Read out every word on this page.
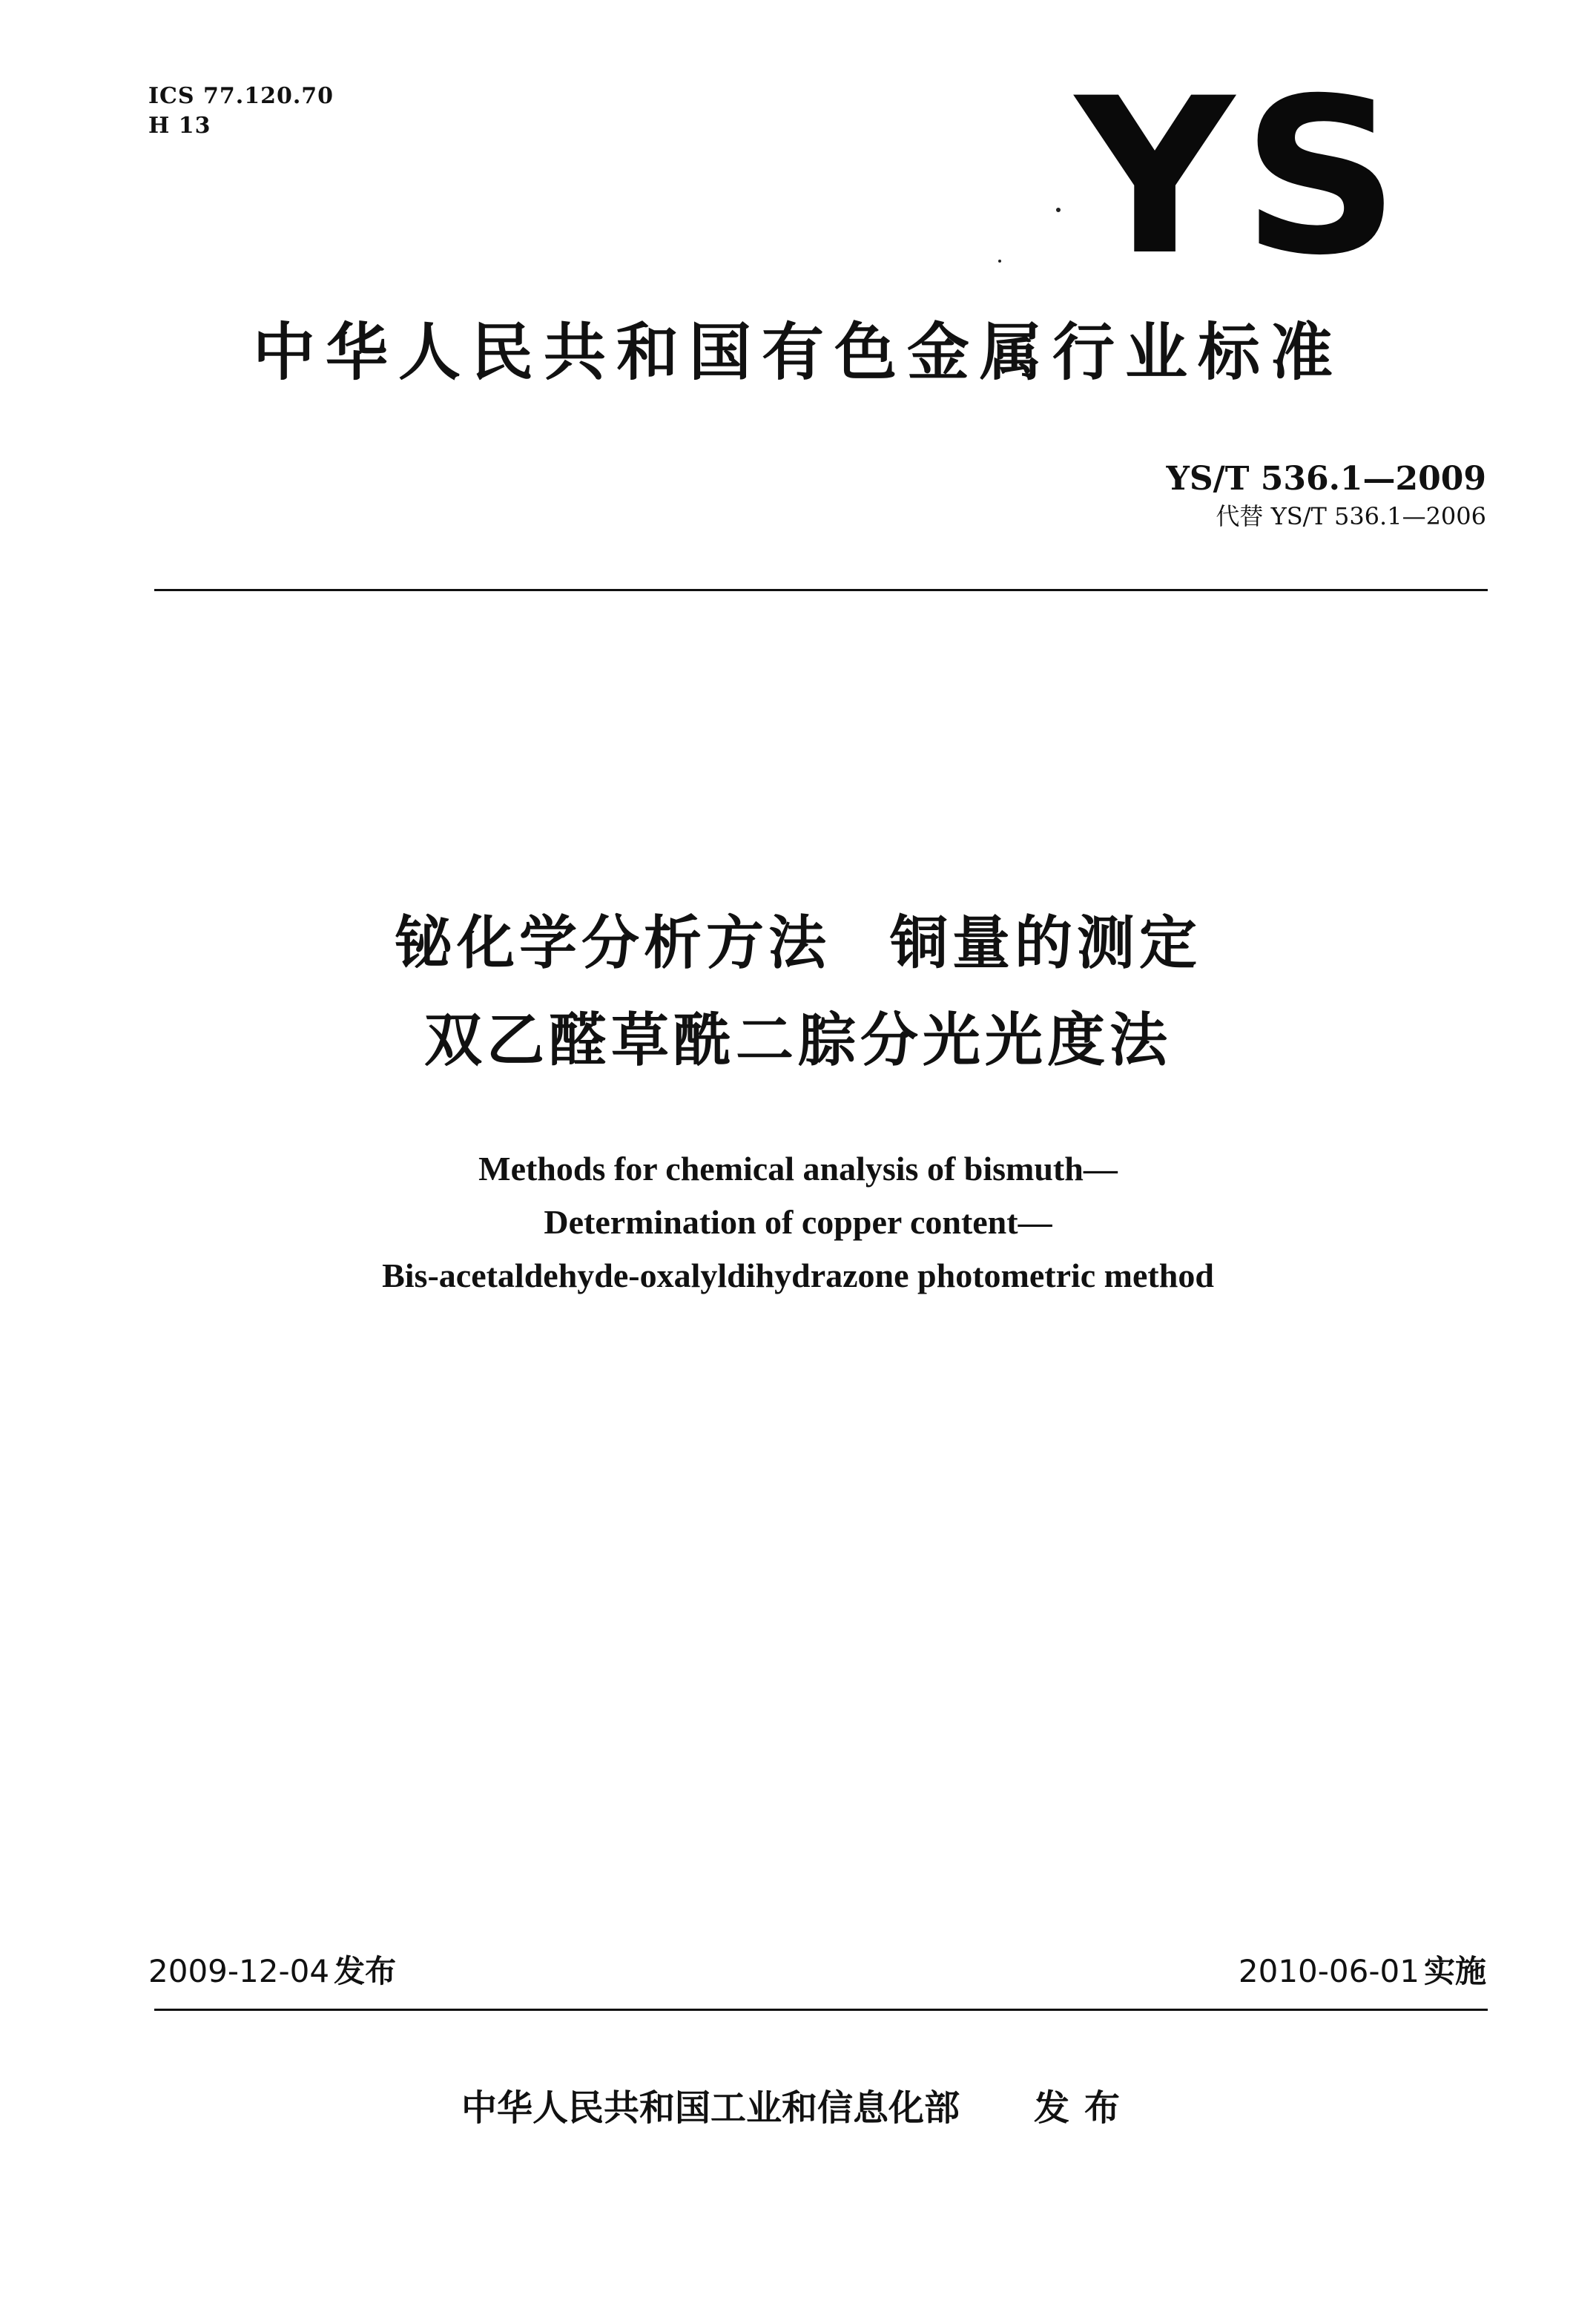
ICS 77.120.70
H 13	YS
中华人民共和国有色金属行业标准
YS/T 536.1—2009
代替 YS/T 536.1—2006
铋化学分析方法 铜量的测定
双乙醛草酰二腙分光光度法
Methods for chemical analysis of bismuth—
Determination of copper content—
Bis-acetaldehyde-oxalyldihydrazone photometric method
2009-12-04 发布	2010-06-01 实施
中华人民共和国工业和信息化部 发布
